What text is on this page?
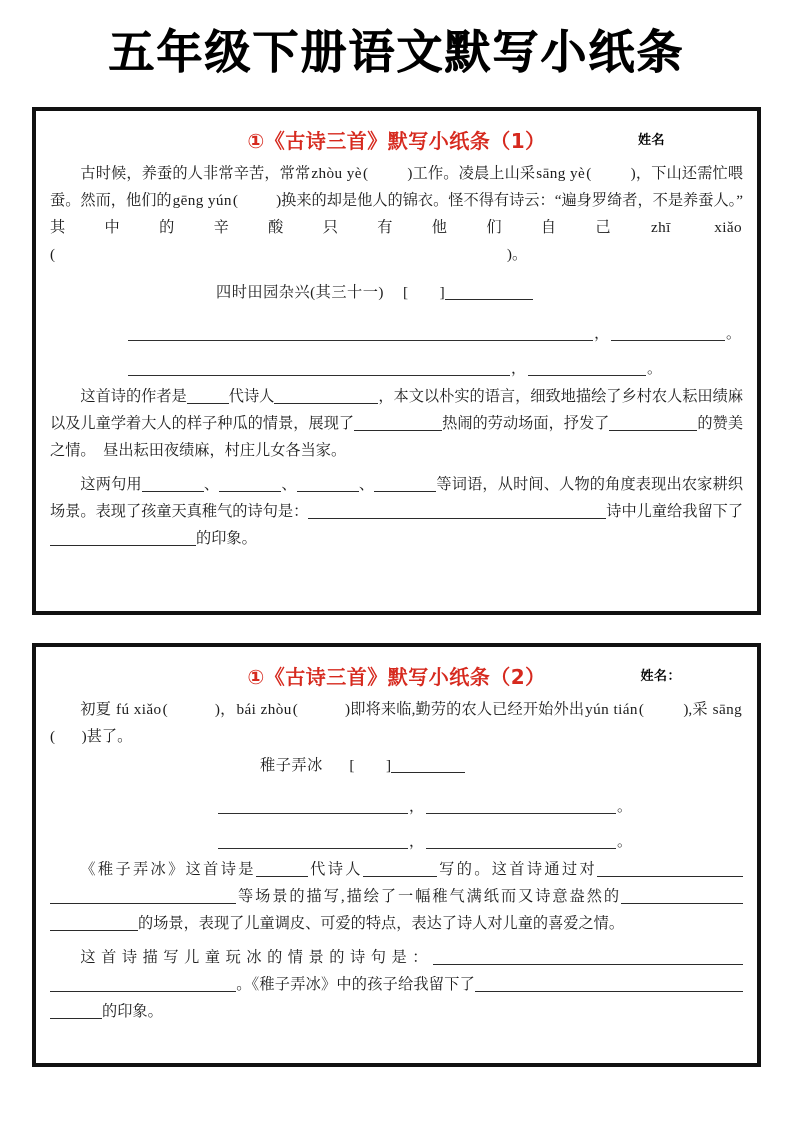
五年级下册语文默写小纸条
①《古诗三首》默写小纸条（1）	姓名

古时候，养蚕的人非常辛苦，常常zhòu yè(	)工作。凌晨上山采sāng yè(	)，下山还需忙喂蚕。然而，他们的gēng yún(	)换来的却是他人的锦衣。怪不得有诗云：“遍身罗绮者，不是养蚕人。”其中的辛酸只有他们自己zhī xiǎo(	)。

四时田园杂兴(其三十一) [ ]

，	。
，	。

这首诗的作者是	代诗人	，本文以朴实的语言，细致地描绘了乡村农人耘田绩麻以及儿童学着大人的样子种瓜的情景，展现了	热闹的劳动场面，抒发了	的赞美之情。　昼出耘田夜绩麻，村庄儿女各当家。

这两句用	、	、	、	等词语，从时间、人物的角度表现出农家耕织场景。表现了孩童天真稚气的诗句是：	诗中儿童给我留下了的印象。

①《古诗三首》默写小纸条（2）	姓名：

初夏 fú xiǎo(	)，bái zhòu(	)即将来临,勤劳的农人已经开始外出yún tián(	),采 sāng( )甚了。

稚子弄冰 [ ]

，	。
，	。

《稚子弄冰》这首诗是	代诗人	写的。这首诗通过对等场景的描写,描绘了一幅稚气满纸而又诗意盎然的的场景，表现了儿童调皮、可爱的特点，表达了诗人对儿童的喜爱之情。

这首诗描写儿童玩冰的情景的诗句是：。《稚子弄冰》中的孩子给我留下了的印象。
